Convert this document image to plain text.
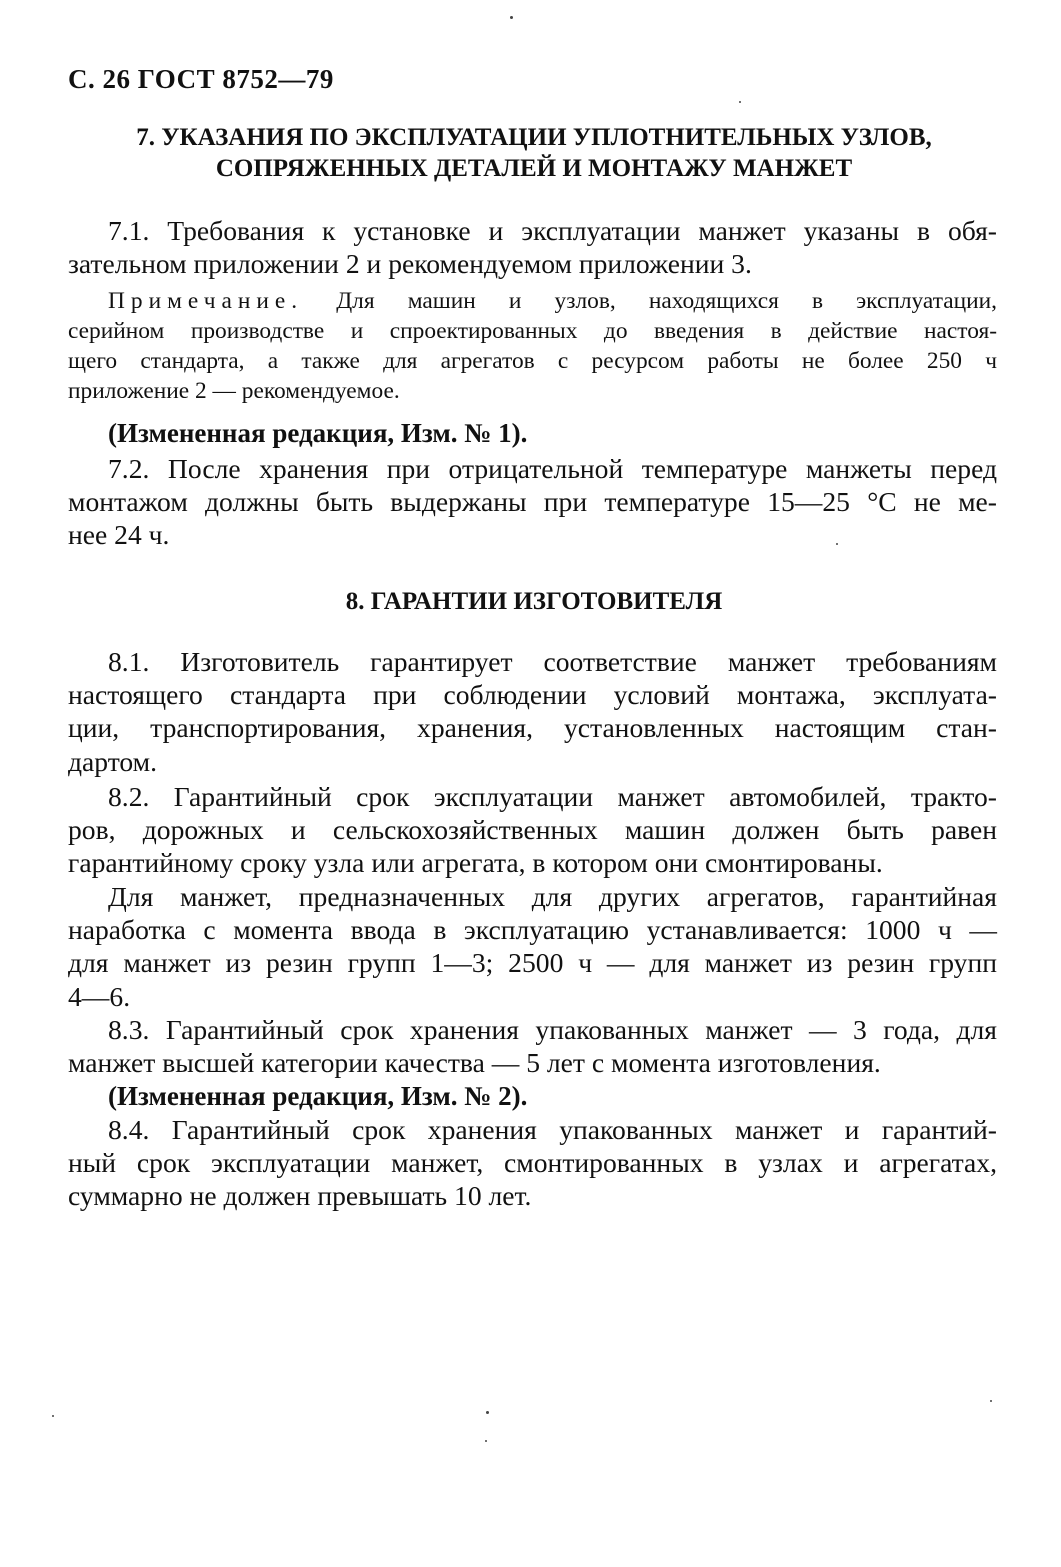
С. 26 ГОСТ 8752—79
7. УКАЗАНИЯ ПО ЭКСПЛУАТАЦИИ УПЛОТНИТЕЛЬНЫХ УЗЛОВ,
СОПРЯЖЕННЫХ ДЕТАЛЕЙ И МОНТАЖУ МАНЖЕТ
7.1. Требования к установке и эксплуатации манжет указаны в обя-
зательном приложении 2 и рекомендуемом приложении 3.
Примечание. Для машин и узлов, находящихся в эксплуатации,
серийном производстве и спроектированных до введения в действие настоя-
щего стандарта, а также для агрегатов с ресурсом работы не более 250 ч
приложение 2 — рекомендуемое.
(Измененная редакция, Изм. № 1).
7.2. После хранения при отрицательной температуре манжеты перед
монтажом должны быть выдержаны при температуре 15—25 °С не ме-
нее 24 ч.
8. ГАРАНТИИ ИЗГОТОВИТЕЛЯ
8.1. Изготовитель гарантирует соответствие манжет требованиям
настоящего стандарта при соблюдении условий монтажа, эксплуата-
ции, транспортирования, хранения, установленных настоящим стан-
дартом.
8.2. Гарантийный срок эксплуатации манжет автомобилей, тракто-
ров, дорожных и сельскохозяйственных машин должен быть равен
гарантийному сроку узла или агрегата, в котором они смонтированы.
Для манжет, предназначенных для других агрегатов, гарантийная
наработка с момента ввода в эксплуатацию устанавливается: 1000 ч —
для манжет из резин групп 1—3; 2500 ч — для манжет из резин групп
4—6.
8.3. Гарантийный срок хранения упакованных манжет — 3 года, для
манжет высшей категории качества — 5 лет с момента изготовления.
(Измененная редакция, Изм. № 2).
8.4. Гарантийный срок хранения упакованных манжет и гарантий-
ный срок эксплуатации манжет, смонтированных в узлах и агрегатах,
суммарно не должен превышать 10 лет.
